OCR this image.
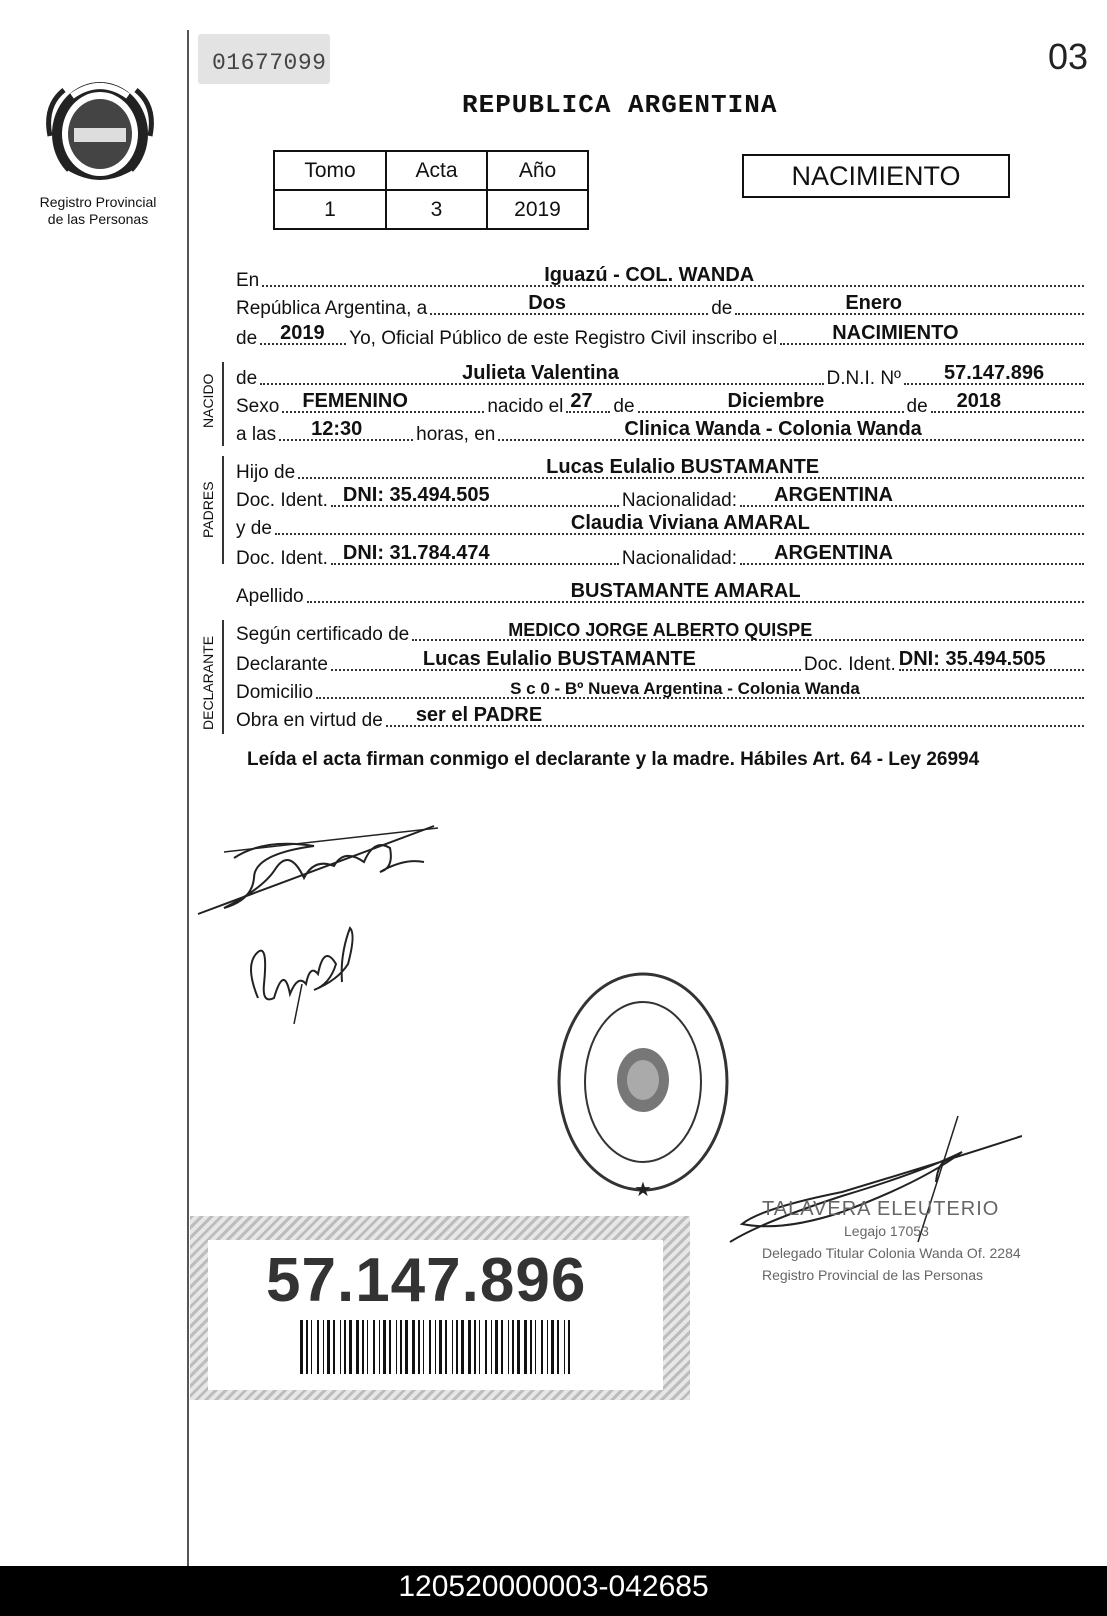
Registro Provincial
de las Personas
01677099	03
REPUBLICA ARGENTINA
Tomo	Acta	Año
1	3	2019
NACIMIENTO
En	Iguazú - COL. WANDA
República Argentina, a	Dos	de	Enero
de 2019 Yo, Oficial Público de este Registro Civil inscribo el	NACIMIENTO
NACIDO de	Julieta Valentina	D.N.I. Nº 57.147.896
Sexo FEMENINO	nacido el 27 de	Diciembre	de 2018
a las 12:30	horas, en	Clinica Wanda - Colonia Wanda
PADRES
Hijo de	Lucas Eulalio BUSTAMANTE
Doc. Ident. DNI: 35.494.505	Nacionalidad: ARGENTINA
y de	Claudia Viviana AMARAL
Doc. Ident. DNI: 31.784.474	Nacionalidad: ARGENTINA
Apellido	BUSTAMANTE AMARAL
DECLARANTE
Según certificado de	MEDICO JORGE ALBERTO QUISPE
Declarante	Lucas Eulalio BUSTAMANTE	Doc. Ident. DNI: 35.494.505
Domicilio	S c 0 - Bº Nueva Argentina - Colonia Wanda
Obra en virtud de ser el PADRE
Leída el acta firman conmigo el declarante y la madre. Hábiles Art. 64 - Ley 26994
★
TALAVERA ELEUTERIO
Legajo 17053
Delegado Titular Colonia Wanda Of. 2284
Registro Provincial de las Personas
57.147.896
120520000003-042685
